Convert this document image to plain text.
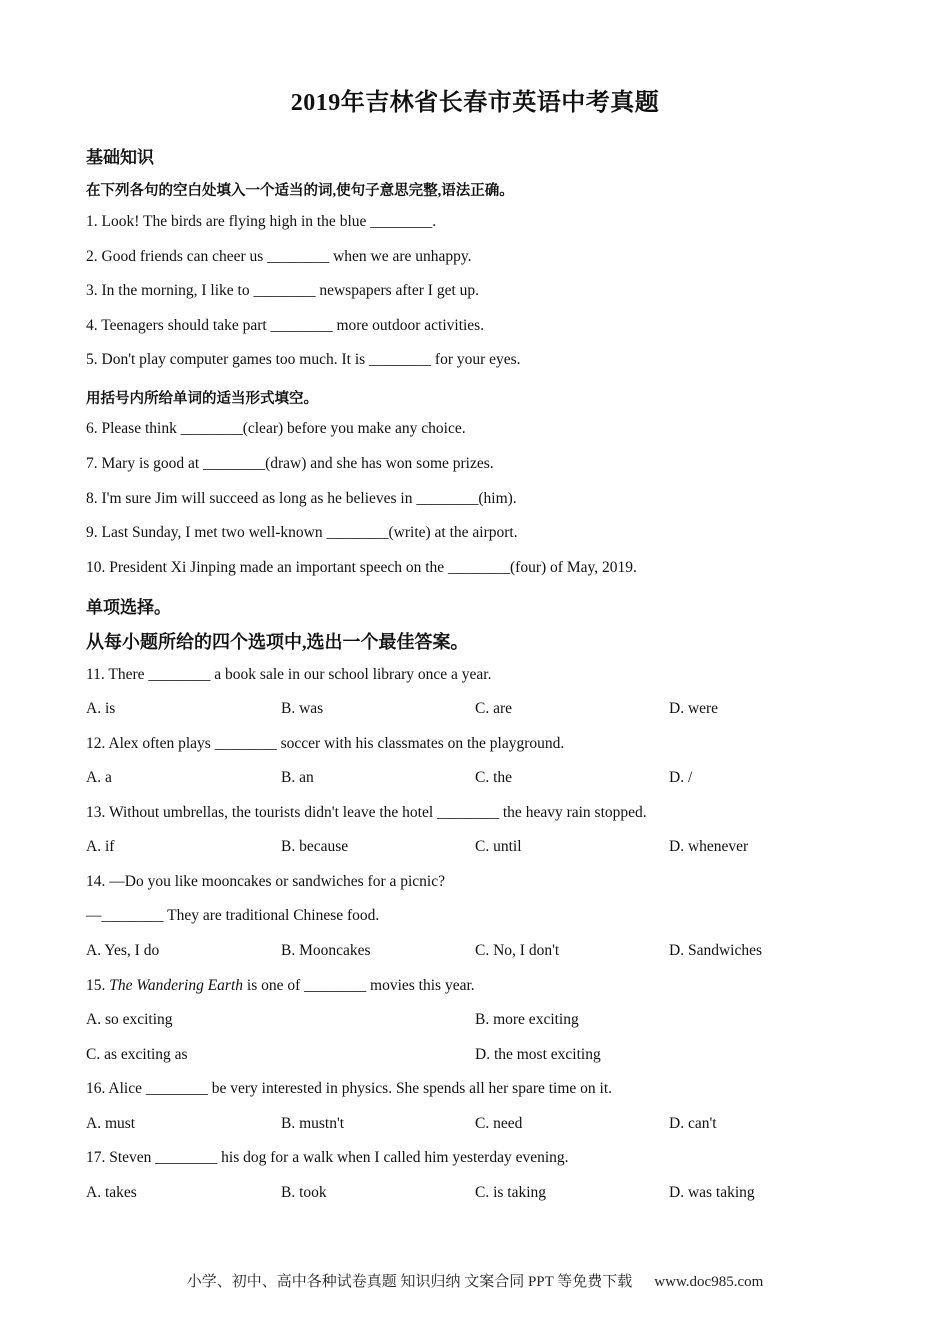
2019年吉林省长春市英语中考真题
基础知识
在下列各句的空白处填入一个适当的词,使句子意思完整,语法正确。
1. Look! The birds are flying high in the blue ________.
2. Good friends can cheer us ________ when we are unhappy.
3. In the morning, I like to ________ newspapers after I get up.
4. Teenagers should take part ________ more outdoor activities.
5. Don't play computer games too much. It is ________ for your eyes.
用括号内所给单词的适当形式填空。
6. Please think ________(clear) before you make any choice.
7. Mary is good at ________(draw) and she has won some prizes.
8. I'm sure Jim will succeed as long as he believes in ________(him).
9. Last Sunday, I met two well-known ________(write) at the airport.
10. President Xi Jinping made an important speech on the ________(four) of May, 2019.
单项选择。
从每小题所给的四个选项中,选出一个最佳答案。
11. There ________ a book sale in our school library once a year.
A. is	B. was	C. are	D. were
12. Alex often plays ________ soccer with his classmates on the playground.
A. a	B. an	C. the	D. /
13. Without umbrellas, the tourists didn't leave the hotel ________ the heavy rain stopped.
A. if	B. because	C. until	D. whenever
14. —Do you like mooncakes or sandwiches for a picnic?
—________ They are traditional Chinese food.
A. Yes, I do	B. Mooncakes	C. No, I don't	D. Sandwiches
15. The Wandering Earth is one of ________ movies this year.
A. so exciting	B. more exciting
C. as exciting as	D. the most exciting
16. Alice ________ be very interested in physics. She spends all her spare time on it.
A. must	B. mustn't	C. need	D. can't
17. Steven ________ his dog for a walk when I called him yesterday evening.
A. takes	B. took	C. is taking	D. was taking
小学、初中、高中各种试卷真题 知识归纳 文案合同 PPT 等免费下载 www.doc985.com
